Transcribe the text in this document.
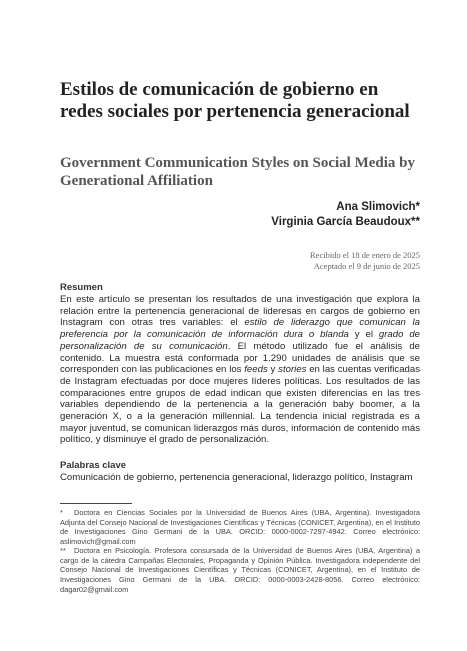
Estilos de comunicación de gobierno en redes sociales por pertenencia generacional
Government Communication Styles on Social Media by Generational Affiliation
Ana Slimovich*
Virginia García Beaudoux**
Recibido el 18 de enero de 2025
Aceptado el 9 de junio de 2025
Resumen

En este artículo se presentan los resultados de una investigación que explora la relación entre la pertenencia generacional de lideresas en cargos de gobierno en Instagram con otras tres variables: el estilo de liderazgo que comunican la preferencia por la comunicación de información dura o blanda y el grado de personalización de su comunicación. El método utilizado fue el análisis de contenido. La muestra está conformada por 1.290 unidades de análisis que se corresponden con las publicaciones en los feeds y stories en las cuentas verificadas de Instagram efectuadas por doce mujeres líderes políticas. Los resultados de las comparaciones entre grupos de edad indican que existen diferencias en las tres variables dependiendo de la pertenencia a la generación baby boomer, a la generación X, o a la generación millennial. La tendencia inicial registrada es a mayor juventud, se comunican liderazgos más duros, información de contenido más político, y disminuye el grado de personalización.

Palabras clave
Comunicación de gobierno, pertenencia generacional, liderazgo político, Instagram
* Doctora en Ciencias Sociales por la Universidad de Buenos Aires (UBA, Argentina). Investigadora Adjunta del Consejo Nacional de Investigaciones Científicas y Técnicas (CONICET, Argentina), en el Instituto de Investigaciones Gino Germani de la UBA. ORCID: 0000-0002-7297-4942. Correo electrónico: aslimovich@gmail.com
** Doctora en Psicología. Profesora consursada de la Universidad de Buenos Aires (UBA, Argentina) a cargo de la cátedra Campañas Electorales, Propaganda y Opinión Pública. Investigadora independente del Consejo Nacional de Investigaciones Científicas y Técnicas (CONICET, Argentina), en el Instituto de Investigaciones Gino Germani de la UBA. ORCID: 0000-0003-2428-8056. Correo electrónico: dagar02@gmail.com
